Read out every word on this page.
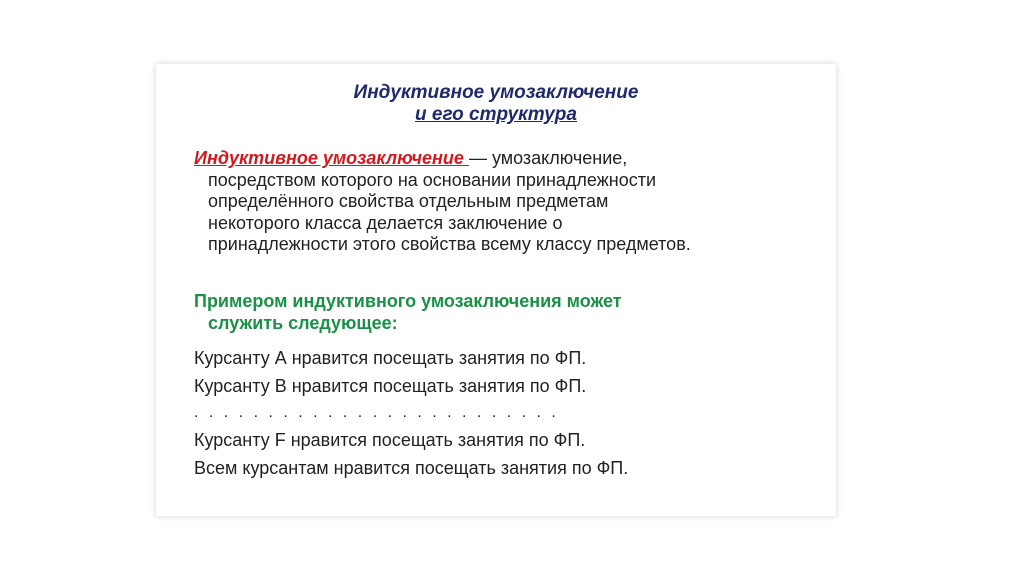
Индуктивное умозаключение
и его структура
Индуктивное умозаключение — умозаключение,
посредством которого на основании принадлежности
определённого свойства отдельным предметам
некоторого класса делается заключение о
принадлежности этого свойства всему классу предметов.
Примером индуктивного умозаключения может
служить следующее:
Курсанту А нравится посещать занятия по ФП.
Курсанту В нравится посещать занятия по ФП.
. . . . . . . . . . . . . . . . . . . . . . . . .
Курсанту F нравится посещать занятия по ФП.
Всем курсантам нравится посещать занятия по ФП.
